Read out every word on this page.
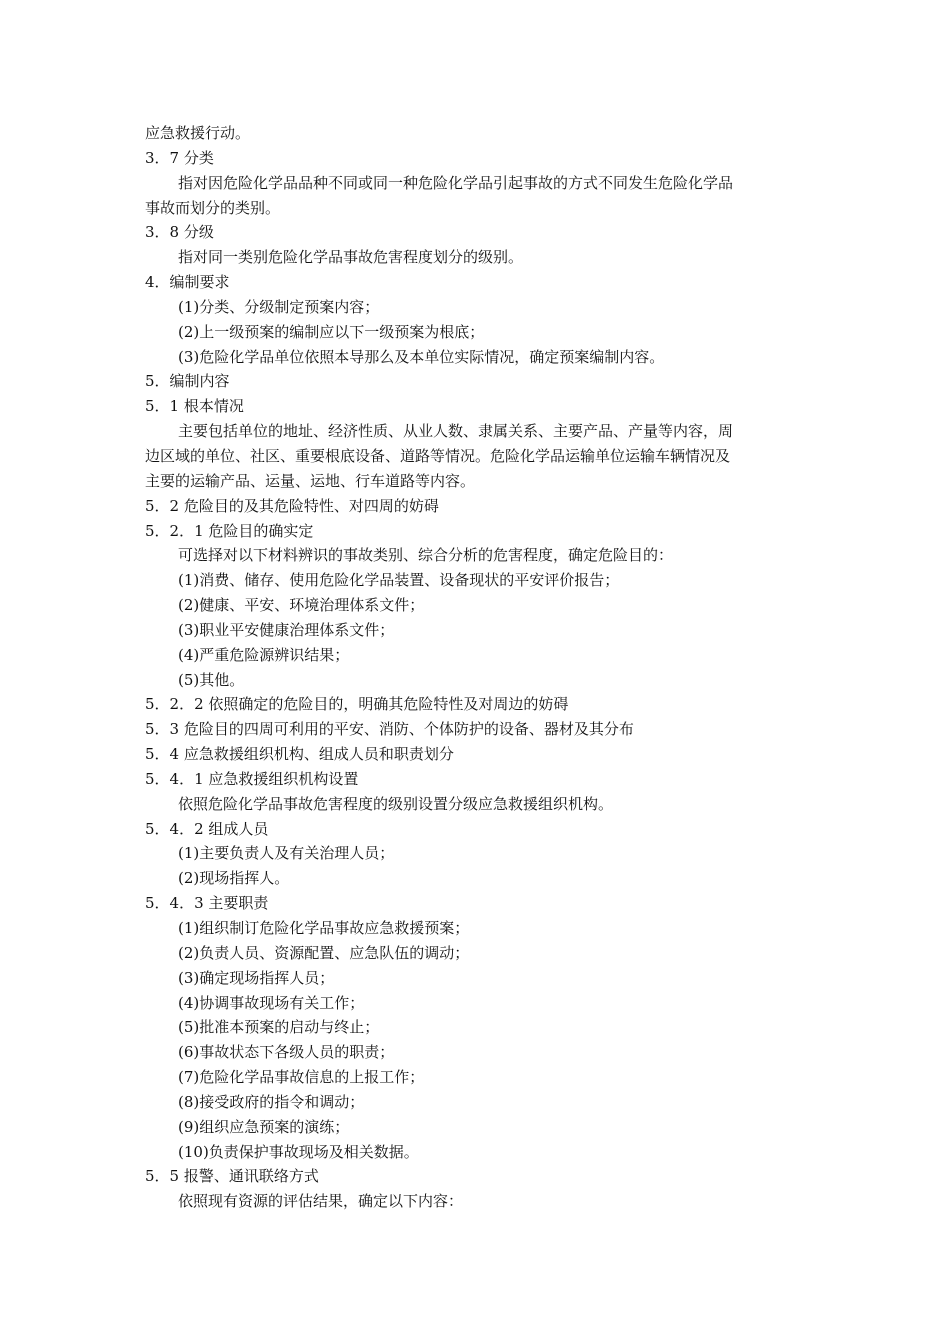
应急救援行动。
3．7 分类
指对因危险化学品品种不同或同一种危险化学品引起事故的方式不同发生危险化学品
事故而划分的类别。
3．8 分级
指对同一类别危险化学品事故危害程度划分的级别。
4．编制要求
(1)分类、分级制定预案内容；
(2)上一级预案的编制应以下一级预案为根底；
(3)危险化学品单位依照本导那么及本单位实际情况，确定预案编制内容。
5．编制内容
5．1 根本情况
主要包括单位的地址、经济性质、从业人数、隶属关系、主要产品、产量等内容，周
边区域的单位、社区、重要根底设备、道路等情况。危险化学品运输单位运输车辆情况及
主要的运输产品、运量、运地、行车道路等内容。
5．2 危险目的及其危险特性、对四周的妨碍
5．2．1 危险目的确实定
可选择对以下材料辨识的事故类别、综合分析的危害程度，确定危险目的：
(1)消费、储存、使用危险化学品装置、设备现状的平安评价报告；
(2)健康、平安、环境治理体系文件；
(3)职业平安健康治理体系文件；
(4)严重危险源辨识结果；
(5)其他。
5．2．2 依照确定的危险目的，明确其危险特性及对周边的妨碍
5．3 危险目的四周可利用的平安、消防、个体防护的设备、器材及其分布
5．4 应急救援组织机构、组成人员和职责划分
5．4．1 应急救援组织机构设置
依照危险化学品事故危害程度的级别设置分级应急救援组织机构。
5．4．2 组成人员
(1)主要负责人及有关治理人员；
(2)现场指挥人。
5．4．3 主要职责
(1)组织制订危险化学品事故应急救援预案；
(2)负责人员、资源配置、应急队伍的调动；
(3)确定现场指挥人员；
(4)协调事故现场有关工作；
(5)批准本预案的启动与终止；
(6)事故状态下各级人员的职责；
(7)危险化学品事故信息的上报工作；
(8)接受政府的指令和调动；
(9)组织应急预案的演练；
(10)负责保护事故现场及相关数据。
5．5 报警、通讯联络方式
依照现有资源的评估结果，确定以下内容：
